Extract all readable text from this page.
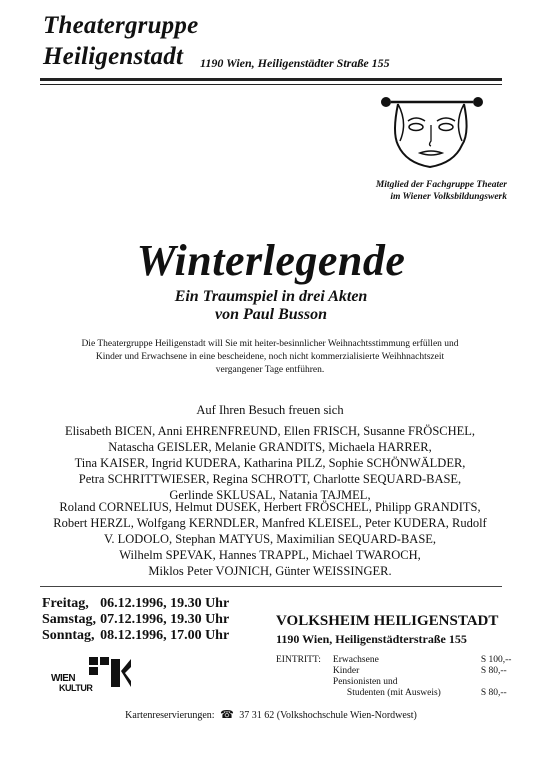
Theatergruppe
Heiligenstadt 1190 Wien, Heiligenstädter Straße 155
Mitglied der Fachgruppe Theater
im Wiener Volksbildungswerk
Winterlegende
Ein Traumspiel in drei Akten
von Paul Busson
Die Theatergruppe Heiligenstadt will Sie mit heiter-besinnlicher Weihnachtsstimmung erfüllen und
Kinder und Erwachsene in eine bescheidene, noch nicht kommerzialisierte Weihhnachtszeit
vergangener Tage entführen.
Auf Ihren Besuch freuen sich
Elisabeth BICEN, Anni EHRENFREUND, Ellen FRISCH, Susanne FRÖSCHEL,
Natascha GEISLER, Melanie GRANDITS, Michaela HARRER,
Tina KAISER, Ingrid KUDERA, Katharina PILZ, Sophie SCHÖNWÄLDER,
Petra SCHRITTWIESER, Regina SCHROTT, Charlotte SEQUARD-BASE,
Gerlinde SKLUSAL, Natania TAJMEL,
Roland CORNELIUS, Helmut DUSEK, Herbert FRÖSCHEL, Philipp GRANDITS,
Robert HERZL, Wolfgang KERNDLER, Manfred KLEISEL, Peter KUDERA, Rudolf
V. LODOLO, Stephan MATYUS, Maximilian SEQUARD-BASE,
Wilhelm SPEVAK, Hannes TRAPPL, Michael TWAROCH,
Miklos Peter VOJNICH, Günter WEISSINGER.
Freitag,	06.12.1996, 19.30 Uhr
Samstag,	07.12.1996, 19.30 Uhr
Sonntag,	08.12.1996, 17.00 Uhr
VOLKSHEIM HEILIGENSTADT
1190 Wien, Heiligenstädterstraße 155
WIEN
KULTUR
EINTRITT:	Erwachsene	S 100,--
	Kinder	S 80,--
	Pensionisten und	
	Studenten (mit Ausweis)	S 80,--
Kartenreservierungen: ☎ 37 31 62 (Volkshochschule Wien-Nordwest)
